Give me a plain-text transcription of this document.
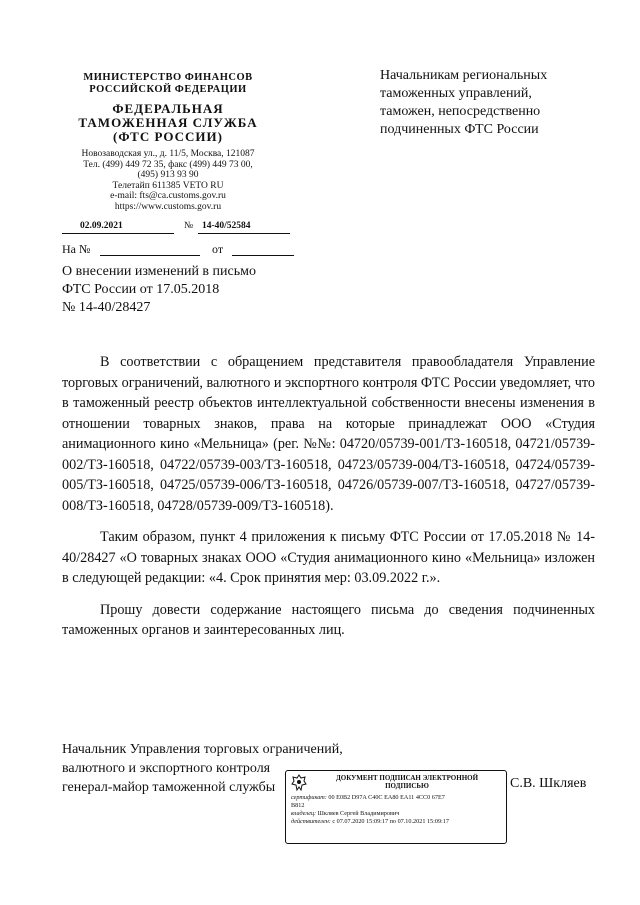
МИНИСТЕРСТВО ФИНАНСОВ
РОССИЙСКОЙ ФЕДЕРАЦИИ
ФЕДЕРАЛЬНАЯ
ТАМОЖЕННАЯ СЛУЖБА
(ФТС РОССИИ)
Новозаводская ул., д. 11/5, Москва, 121087
Тел. (499) 449 72 35, факс (499) 449 73 00,
(495) 913 93 90
Телетайп 611385 VETO RU
e-mail: fts@ca.customs.gov.ru
https://www.customs.gov.ru
02.09.2021	№ 14-40/52584
На №	от
О внесении изменений в письмо
ФТС России от 17.05.2018
№ 14-40/28427
Начальникам региональных
таможенных управлений,
таможен, непосредственно
подчиненных ФТС России

В соответствии с обращением представителя правообладателя Управление торговых ограничений, валютного и экспортного контроля ФТС России уведомляет, что в таможенный реестр объектов интеллектуальной собственности внесены изменения в отношении товарных знаков, права на которые принадлежат ООО «Студия анимационного кино «Мельница» (рег. №№: 04720/05739-001/ТЗ-160518, 04721/05739-002/ТЗ-160518, 04722/05739-003/ТЗ-160518, 04723/05739-004/ТЗ-160518, 04724/05739-005/ТЗ-160518, 04725/05739-006/ТЗ-160518, 04726/05739-007/ТЗ-160518, 04727/05739-008/ТЗ-160518, 04728/05739-009/ТЗ-160518).

Таким образом, пункт 4 приложения к письму ФТС России от 17.05.2018 № 14-40/28427 «О товарных знаках ООО «Студия анимационного кино «Мельница» изложен в следующей редакции: «4. Срок принятия мер: 03.09.2022 г.».

Прошу довести содержание настоящего письма до сведения подчиненных таможенных органов и заинтересованных лиц.

Начальник Управления торговых ограничений,
валютного и экспортного контроля
генерал-майор таможенной службы	С.В. Шкляев
ДОКУМЕНТ ПОДПИСАН ЭЛЕКТРОННОЙ
ПОДПИСЬЮ
сертификат: 00 E0B2 D97A C40C EA80 EA11 4CC0 67E7
B812
владелец: Шкляев Сергей Владимирович
действителен: с 07.07.2020 15:09:17 по 07.10.2021 15:09:17
